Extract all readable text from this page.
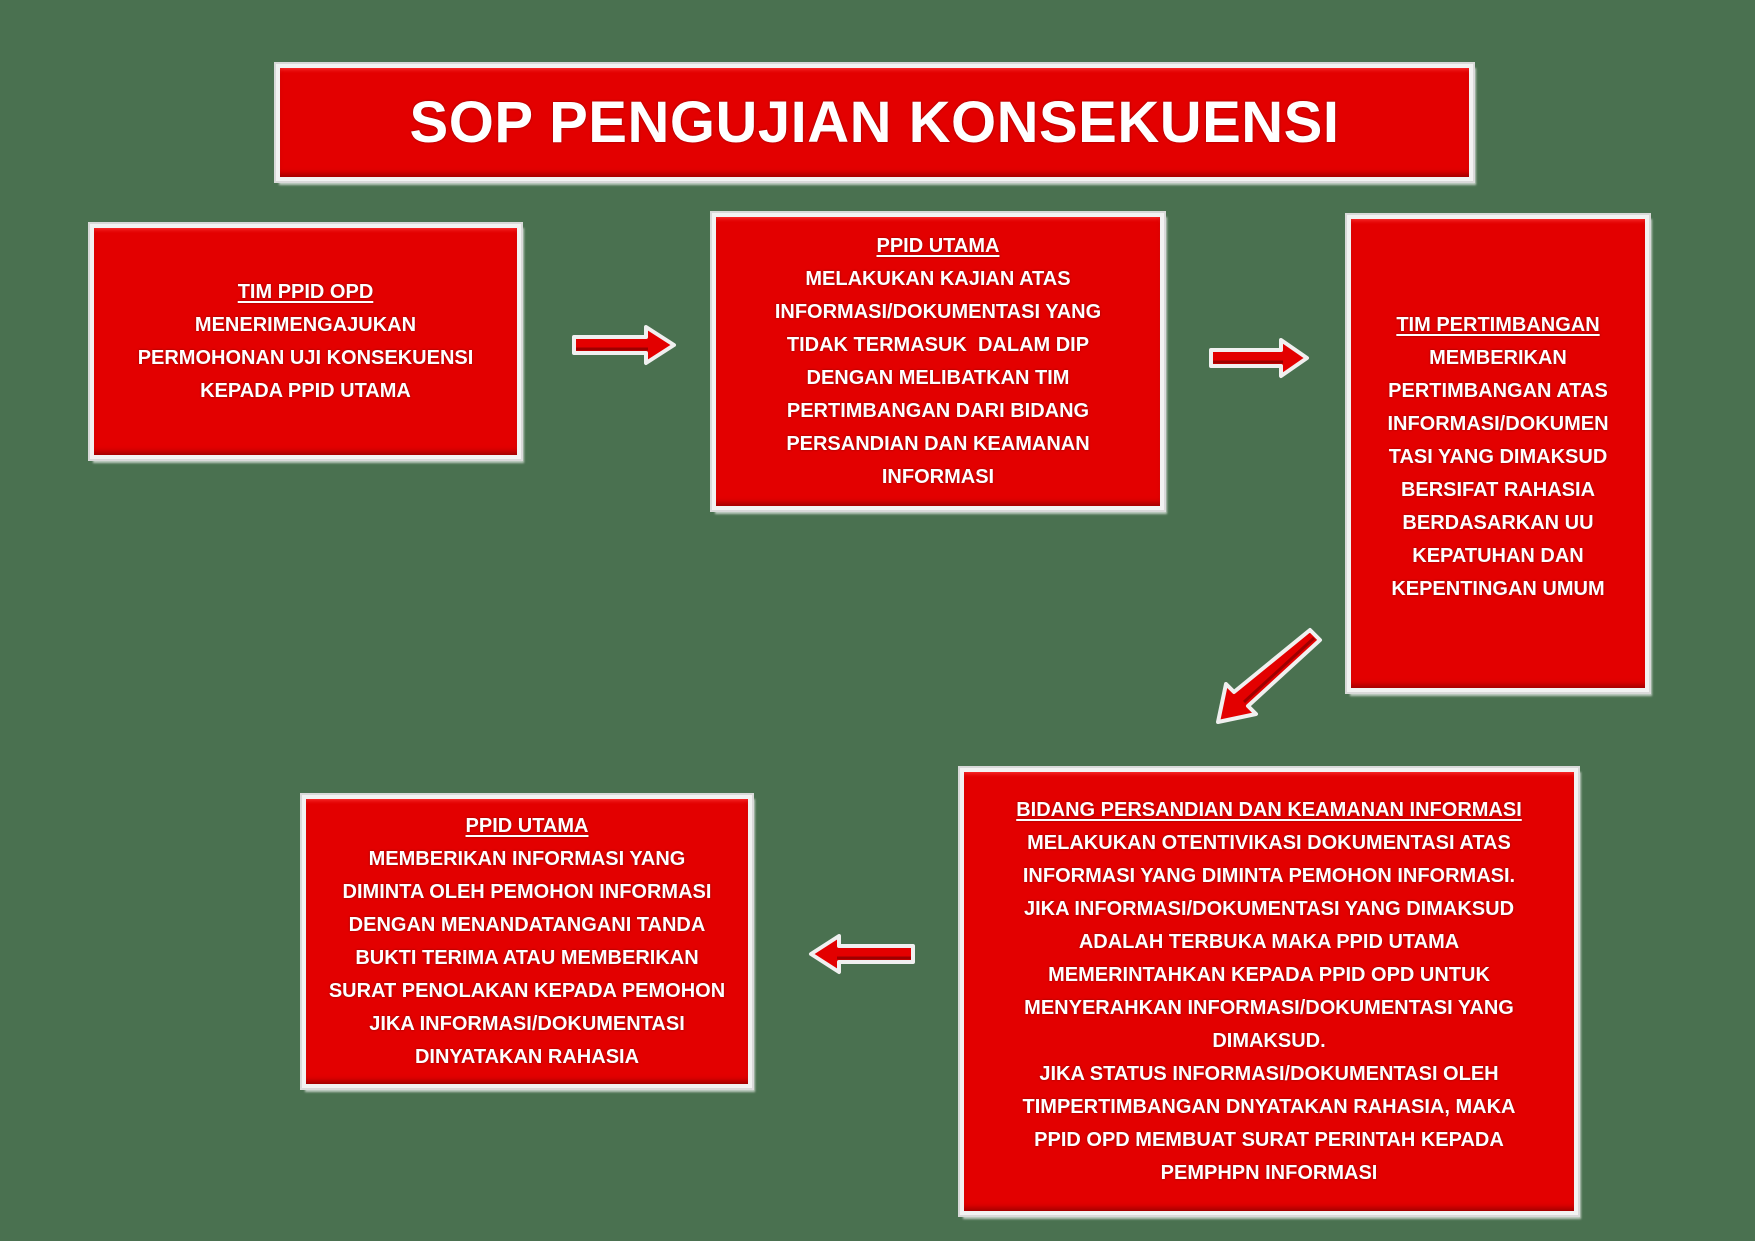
SOP PENGUJIAN KONSEKUENSI
TIM PPID OPD
MENERIMENGAJUKAN
PERMOHONAN UJI KONSEKUENSI
KEPADA PPID UTAMA
PPID UTAMA
MELAKUKAN KAJIAN ATAS
INFORMASI/DOKUMENTASI YANG
TIDAK TERMASUK  DALAM DIP
DENGAN MELIBATKAN TIM
PERTIMBANGAN DARI BIDANG
PERSANDIAN DAN KEAMANAN
INFORMASI
TIM PERTIMBANGAN
MEMBERIKAN
PERTIMBANGAN ATAS
INFORMASI/DOKUMEN
TASI YANG DIMAKSUD
BERSIFAT RAHASIA
BERDASARKAN UU
KEPATUHAN DAN
KEPENTINGAN UMUM
BIDANG PERSANDIAN DAN KEAMANAN INFORMASI
MELAKUKAN OTENTIVIKASI DOKUMENTASI ATAS
INFORMASI YANG DIMINTA PEMOHON INFORMASI.
JIKA INFORMASI/DOKUMENTASI YANG DIMAKSUD
ADALAH TERBUKA MAKA PPID UTAMA
MEMERINTAHKAN KEPADA PPID OPD UNTUK
MENYERAHKAN INFORMASI/DOKUMENTASI YANG
DIMAKSUD.
JIKA STATUS INFORMASI/DOKUMENTASI OLEH
TIMPERTIMBANGAN DNYATAKAN RAHASIA, MAKA
PPID OPD MEMBUAT SURAT PERINTAH KEPADA
PEMPHPN INFORMASI
PPID UTAMA
MEMBERIKAN INFORMASI YANG
DIMINTA OLEH PEMOHON INFORMASI
DENGAN MENANDATANGANI TANDA
BUKTI TERIMA ATAU MEMBERIKAN
SURAT PENOLAKAN KEPADA PEMOHON
JIKA INFORMASI/DOKUMENTASI
DINYATAKAN RAHASIA
